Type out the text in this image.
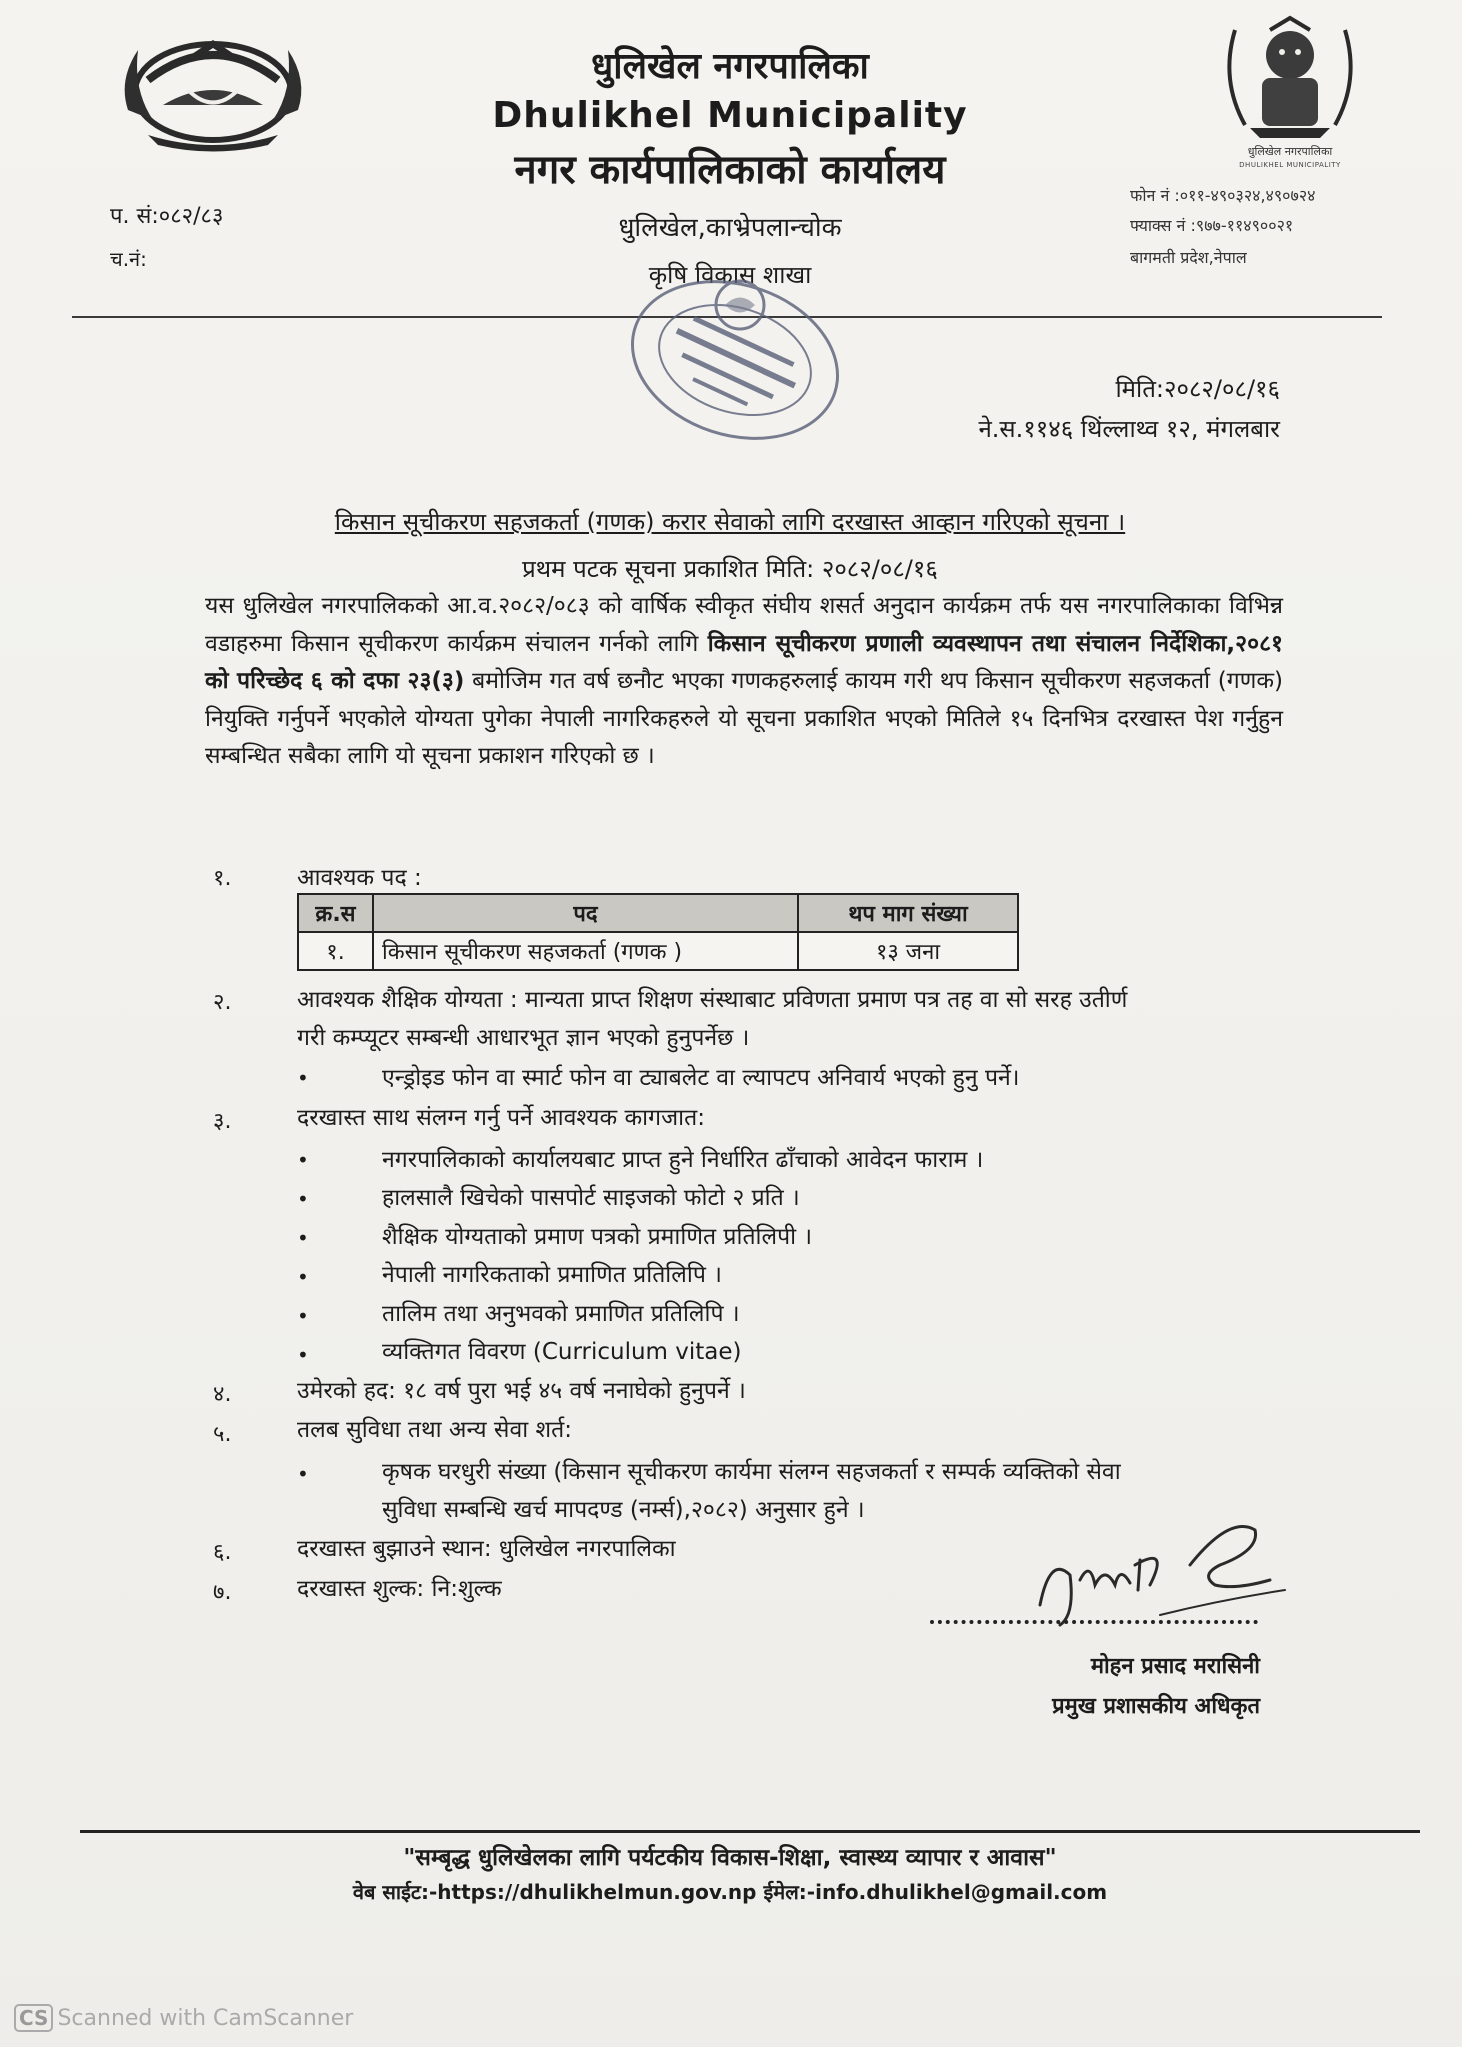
धुलिखेल नगरपालिका
Dhulikhel Municipality
नगर कार्यपालिकाको कार्यालय
धुलिखेल,काभ्रेपलान्चोक
कृषि विकास शाखा
धुलिखेल नगरपालिका
DHULIKHEL MUNICIPALITY
प. सं:०८२/८३
च.नं:
फोन नं :०११-४९०३२४,४९०७२४
फ्याक्स नं :९७७-११४९००२१
बागमती प्रदेश,नेपाल
मिति:२०८२/०८/१६
ने.स.११४६ थिंल्लाथ्व १२, मंगलबार
किसान सूचीकरण सहजकर्ता (गणक) करार सेवाको लागि दरखास्त आव्हान गरिएको सूचना ।
प्रथम पटक सूचना प्रकाशित मिति: २०८२/०८/१६
यस धुलिखेल नगरपालिकको आ.व.२०८२/०८३ को वार्षिक स्वीकृत संघीय शसर्त अनुदान कार्यक्रम तर्फ यस नगरपालिकाका विभिन्न वडाहरुमा किसान सूचीकरण कार्यक्रम संचालन गर्नको लागि किसान सूचीकरण प्रणाली व्यवस्थापन तथा संचालन निर्देशिका,२०८१ को परिच्छेद ६ को दफा २३(३) बमोजिम गत वर्ष छनौट भएका गणकहरुलाई कायम गरी थप किसान सूचीकरण सहजकर्ता (गणक) नियुक्ति गर्नुपर्ने भएकोले योग्यता पुगेका नेपाली नागरिकहरुले यो सूचना प्रकाशित भएको मितिले १५ दिनभित्र दरखास्त पेश गर्नुहुन सम्बन्धित सबैका लागि यो सूचना प्रकाशन गरिएको छ ।
१.	आवश्यक पद :
क्र.स	पद	थप माग संख्या
१.	किसान सूचीकरण सहजकर्ता (गणक )	१३ जना
२.	आवश्यक शैक्षिक योग्यता : मान्यता प्राप्त शिक्षण संस्थाबाट प्रविणता प्रमाण पत्र तह वा सो सरह उतीर्ण
गरी कम्प्यूटर सम्बन्धी आधारभूत ज्ञान भएको हुनुपर्नेछ ।
•	एन्ड्रोइड फोन वा स्मार्ट फोन वा ट्याबलेट वा ल्यापटप अनिवार्य भएको हुनु पर्ने।
३.	दरखास्त साथ संलग्न गर्नु पर्ने आवश्यक कागजात:
•	नगरपालिकाको कार्यालयबाट प्राप्त हुने निर्धारित ढाँचाको आवेदन फाराम ।
•	हालसालै खिचेको पासपोर्ट साइजको फोटो २ प्रति ।
•	शैक्षिक योग्यताको प्रमाण पत्रको प्रमाणित प्रतिलिपी ।
•	नेपाली नागरिकताको प्रमाणित प्रतिलिपि ।
•	तालिम तथा अनुभवको प्रमाणित प्रतिलिपि ।
•	व्यक्तिगत विवरण (Curriculum vitae)
४.	उमेरको हद: १८ वर्ष पुरा भई ४५ वर्ष ननाघेको हुनुपर्ने ।
५.	तलब सुविधा तथा अन्य सेवा शर्त:
•	कृषक घरधुरी संख्या (किसान सूचीकरण कार्यमा संलग्न सहजकर्ता र सम्पर्क व्यक्तिको सेवा
सुविधा सम्बन्धि खर्च मापदण्ड (नर्म्स),२०८२) अनुसार हुने ।
६.	दरखास्त बुझाउने स्थान: धुलिखेल नगरपालिका
७.	दरखास्त शुल्क: नि:शुल्क
मोहन प्रसाद मरासिनी
प्रमुख प्रशासकीय अधिकृत
"सम्बृद्ध धुलिखेलका लागि पर्यटकीय विकास-शिक्षा, स्वास्थ्य व्यापार र आवास"
वेब साईट:-https://dhulikhelmun.gov.np ईमेल:-info.dhulikhel@gmail.com
CS Scanned with CamScanner
